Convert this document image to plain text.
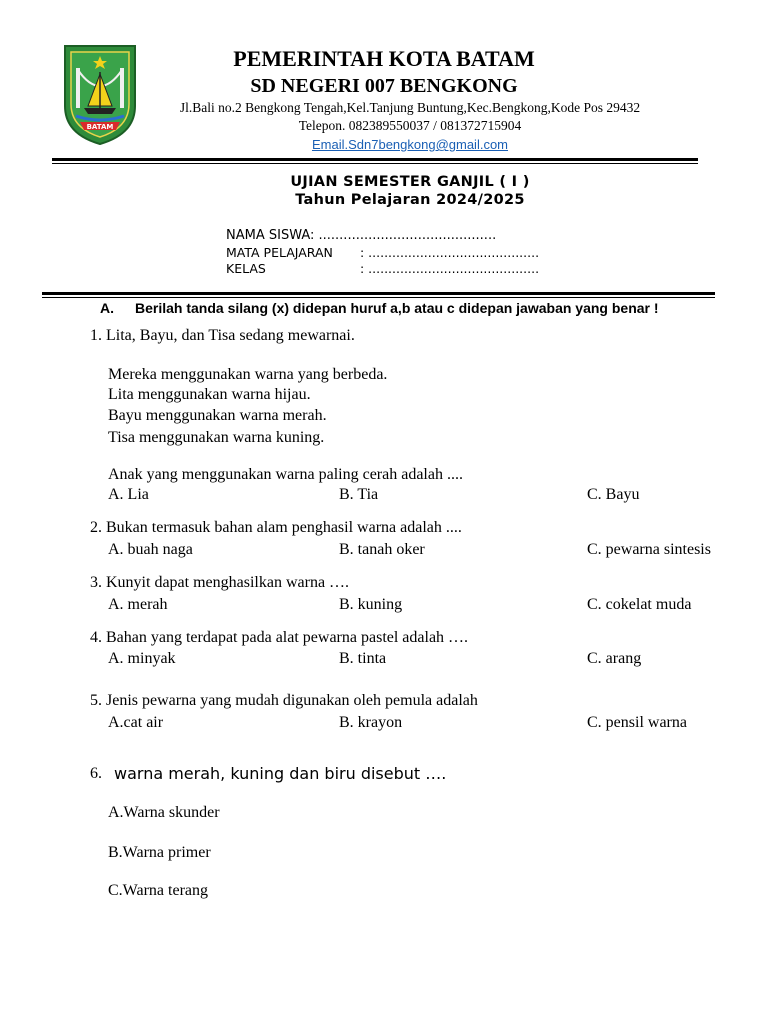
BATAM
PEMERINTAH KOTA BATAM
SD NEGERI 007 BENGKONG
Jl.Bali no.2 Bengkong Tengah,Kel.Tanjung Buntung,Kec.Bengkong,Kode Pos 29432
Telepon. 082389550037 / 081372715904
Email.Sdn7bengkong@gmail.com
UJIAN SEMESTER GANJIL ( I )
Tahun Pelajaran 2024/2025
NAMA SISWA: ...........................................
MATA PELAJARAN : ...........................................
KELAS	: ...........................................
A. Berilah tanda silang (x) didepan huruf a,b atau c didepan jawaban yang benar !
1. Lita, Bayu, dan Tisa sedang mewarnai.
Mereka menggunakan warna yang berbeda.
Lita menggunakan warna hijau.
Bayu menggunakan warna merah.
Tisa menggunakan warna kuning.
Anak yang menggunakan warna paling cerah adalah ....
A. Lia	B. Tia	C. Bayu
2. Bukan termasuk bahan alam penghasil warna adalah ....
A. buah naga	B. tanah oker	C. pewarna sintesis
3. Kunyit dapat menghasilkan warna ….
A. merah	B. kuning	C. cokelat muda
4. Bahan yang terdapat pada alat pewarna pastel adalah ….
A. minyak	B. tinta	C. arang
5. Jenis pewarna yang mudah digunakan oleh pemula adalah
A.cat air	B. krayon	C. pensil warna
6. warna merah, kuning dan biru disebut ….
A.Warna skunder
B.Warna primer
C.Warna terang
